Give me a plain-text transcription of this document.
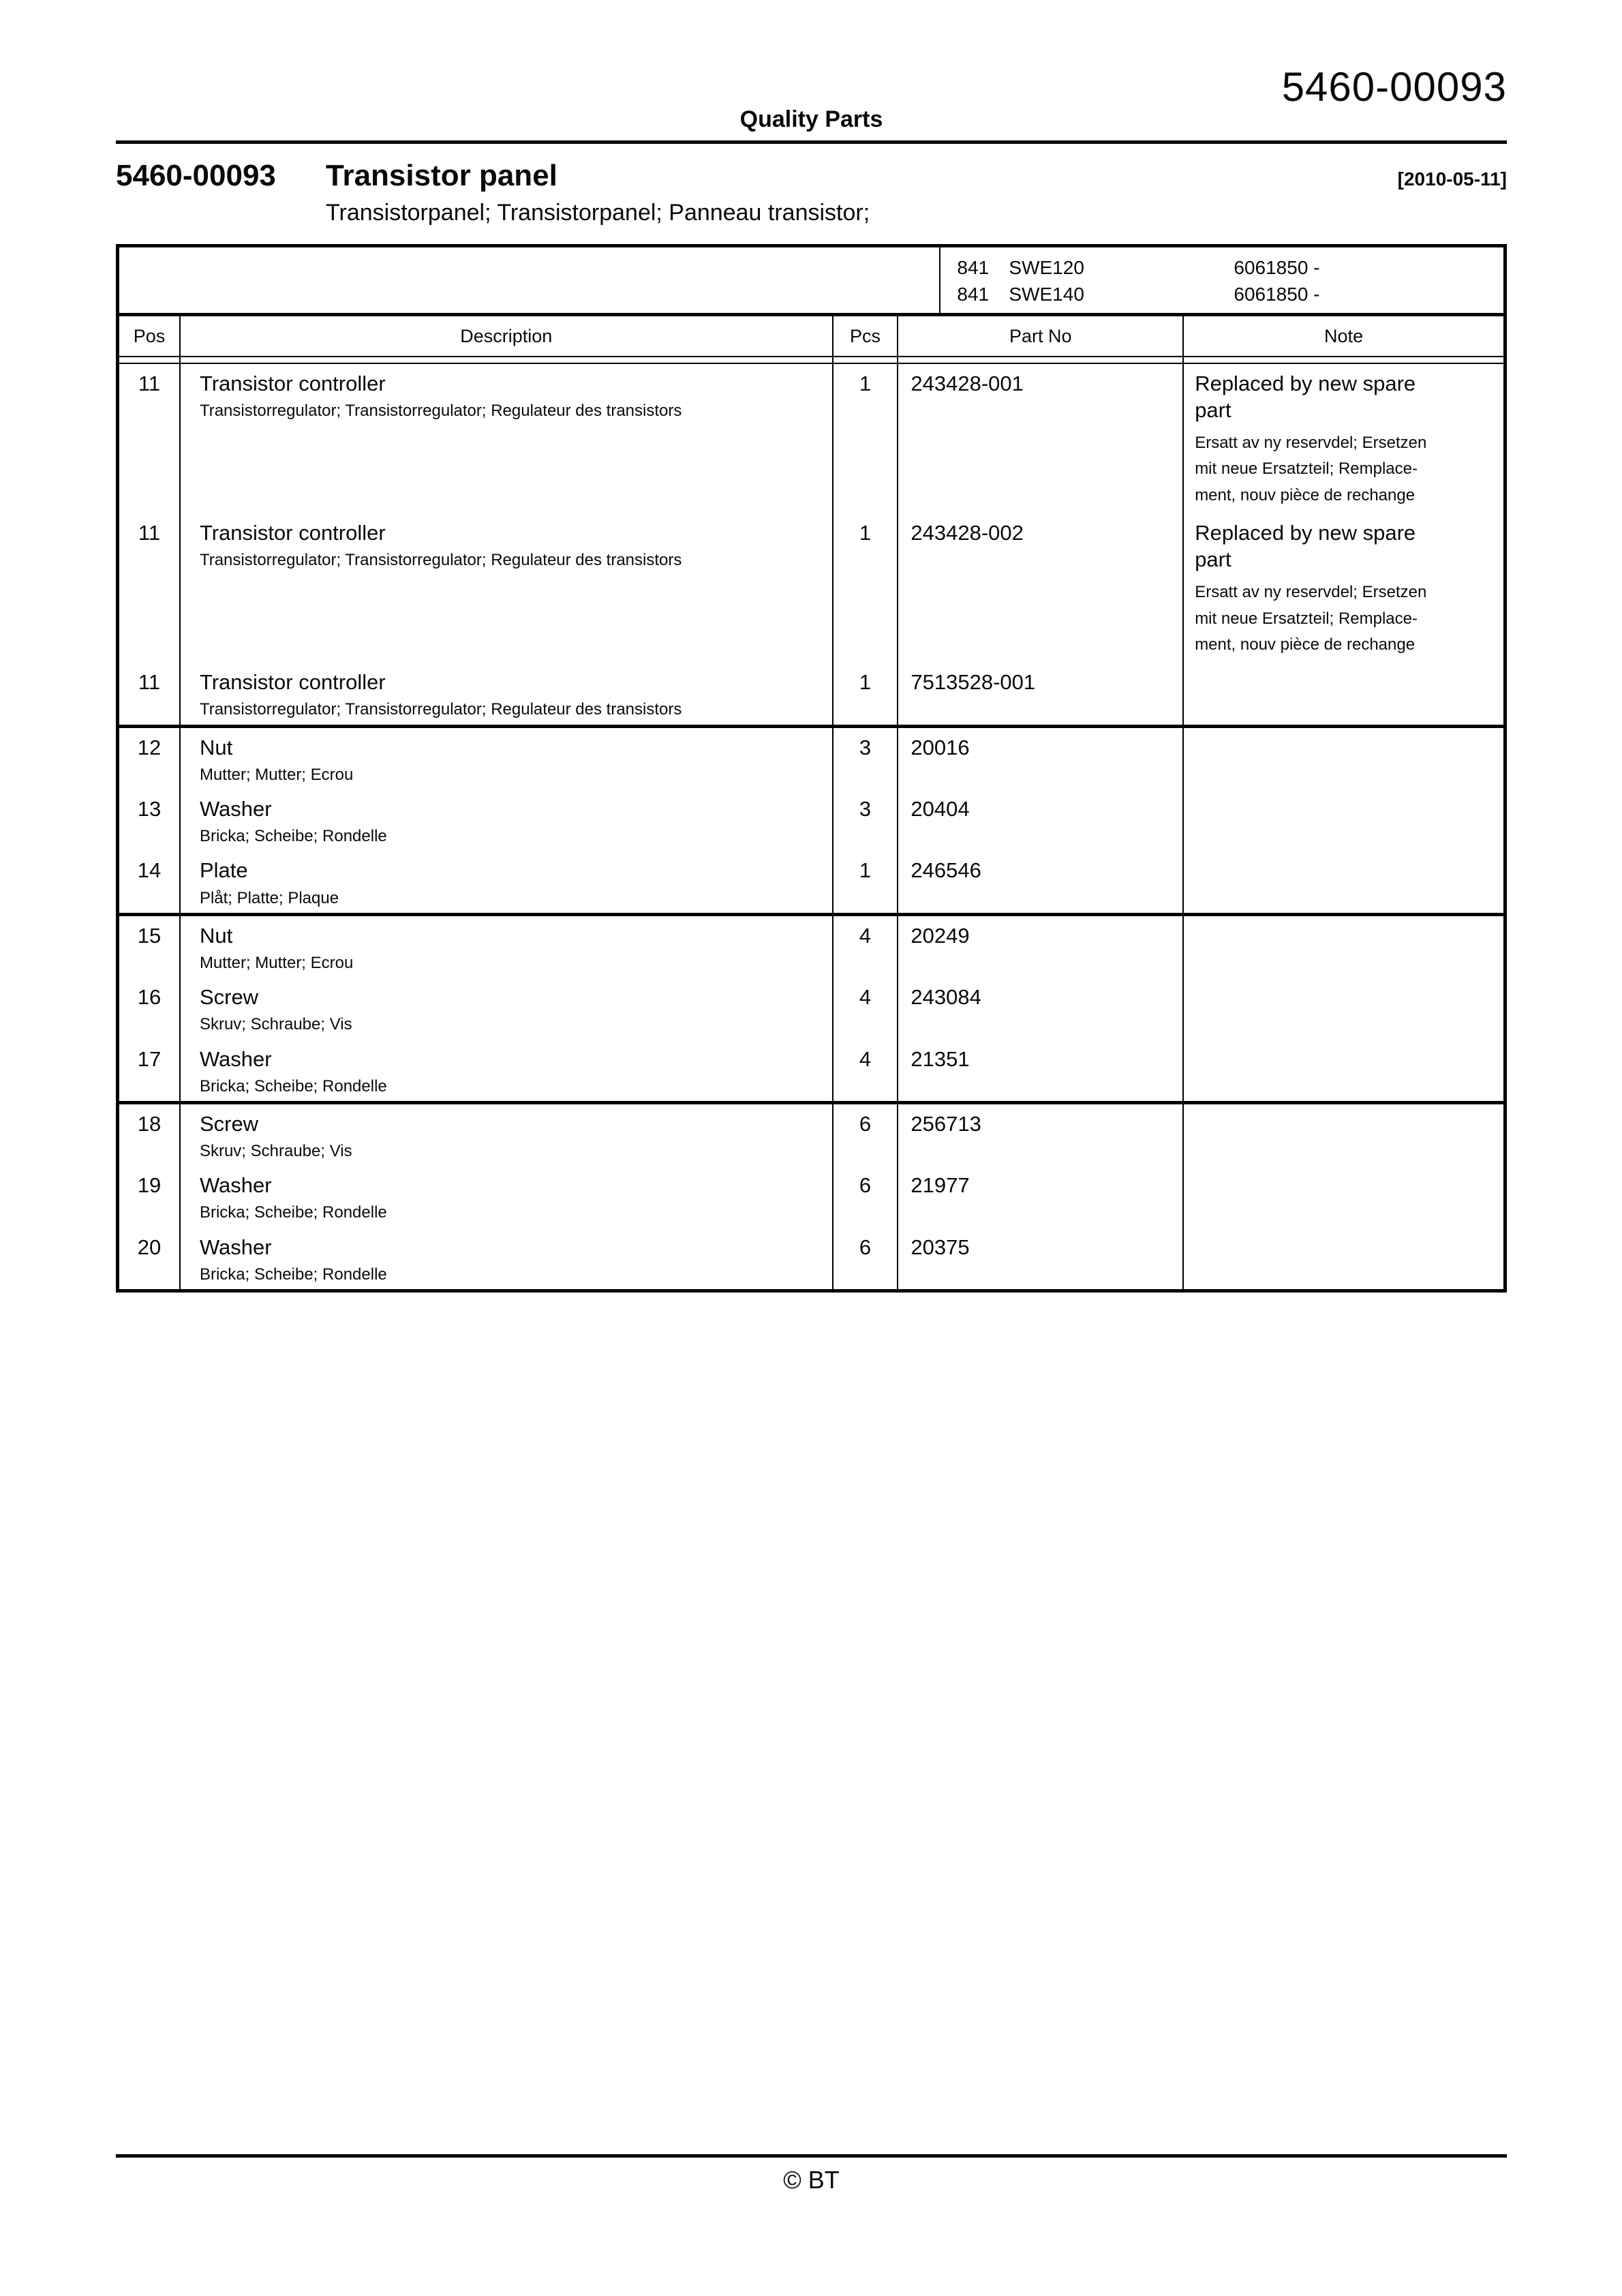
5460-00093
Quality Parts
5460-00093	Transistor panel	[2010-05-11]
Transistorpanel; Transistorpanel; Panneau transistor;
841	SWE120	6061850 -
841	SWE140	6061850 -
Pos	Description	Pcs	Part No	Note
11	Transistor controller
Transistorregulator; Transistorregulator; Regulateur des transistors
1	243428-001	Replaced by new spare part
Ersatt av ny reservdel; Ersetzen
mit neue Ersatzteil; Remplace-
ment, nouv pièce de rechange
11	Transistor controller
Transistorregulator; Transistorregulator; Regulateur des transistors
1	243428-002	Replaced by new spare part
Ersatt av ny reservdel; Ersetzen
mit neue Ersatzteil; Remplace-
ment, nouv pièce de rechange
11	Transistor controller
Transistorregulator; Transistorregulator; Regulateur des transistors
1	7513528-001
12	Nut
Mutter; Mutter; Ecrou
3	20016
13	Washer
Bricka; Scheibe; Rondelle
3	20404
14	Plate
Plåt; Platte; Plaque
1	246546
15	Nut
Mutter; Mutter; Ecrou
4	20249
16	Screw
Skruv; Schraube; Vis
4	243084
17	Washer
Bricka; Scheibe; Rondelle
4	21351
18	Screw
Skruv; Schraube; Vis
6	256713
19	Washer
Bricka; Scheibe; Rondelle
6	21977
20	Washer
Bricka; Scheibe; Rondelle
6	20375
© BT
